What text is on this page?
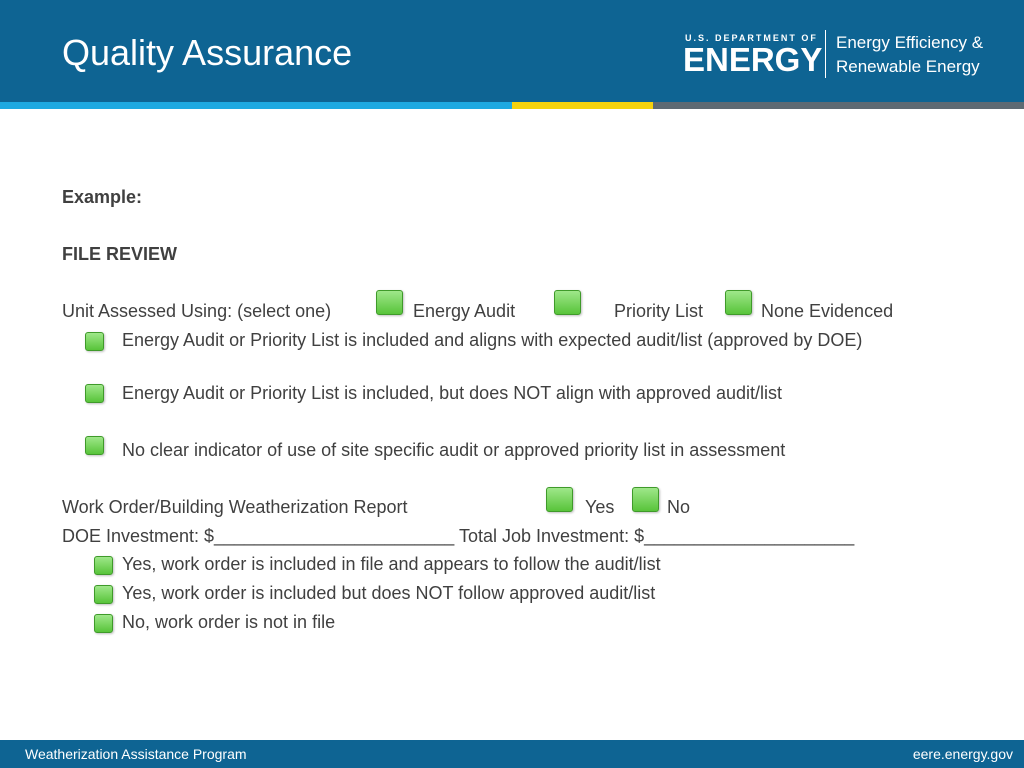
Quality Assurance	U.S. DEPARTMENT OF
ENERGY Energy Efficiency &
Renewable Energy
Example:
FILE REVIEW
Unit Assessed Using: (select one)	Energy Audit	Priority List	None Evidenced
Energy Audit or Priority List is included and aligns with expected audit/list (approved by DOE)
Energy Audit or Priority List is included, but does NOT align with approved audit/list
No clear indicator of use of site specific audit or approved priority list in assessment
Work Order/Building Weatherization Report	Yes	No
DOE Investment: $________________________ Total Job Investment: $_____________________
Yes, work order is included in file and appears to follow the audit/list
Yes, work order is included but does NOT follow approved audit/list
No, work order is not in file
Weatherization Assistance Program	eere.energy.gov
